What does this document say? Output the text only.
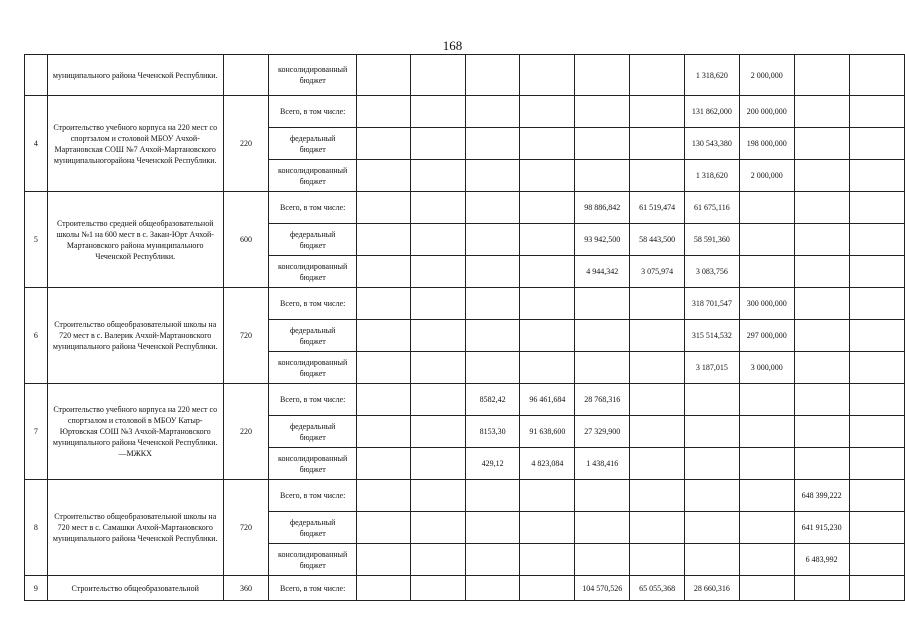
168
	муниципального района Чеченской Республики.		консолидированный
бюджет							1 318,620	2 000,000		
4	Строительство учебного корпуса на 220 мест со спортзалом и столовой МБОУ Ачхой-Мартановская СОШ №7 Ачхой-Мартановского муниципальногорайона Чеченской Республики.	220	Всего, в том числе:							131 862,000	200 000,000		

			федеральный
бюджет							130 543,380	198 000,000		

			консолидированный
бюджет							1 318,620	2 000,000		
5	Строительство средней общеобразовательной школы №1 на 600 мест в с. Закан-Юрт Ачхой-Мартановского района муниципального Чеченской Республики.	600	Всего, в том числе:					98 886,842	61 519,474	61 675,116			

			федеральный
бюджет					93 942,500	58 443,500	58 591,360			

			консолидированный
бюджет					4 944,342	3 075,974	3 083,756			
6	Строительство общеобразовательной школы на 720 мест в с. Валерик Ачхой-Мартановского муниципального района Чеченской Республики.	720	Всего, в том числе:							318 701,547	300 000,000		

			федеральный
бюджет							315 514,532	297 000,000		

			консолидированный
бюджет							3 187,015	3 000,000		
7	Строительство учебного корпуса на 220 мест со спортзалом и столовой в МБОУ Катыр-Юртовская СОШ №3 Ачхой-Мартановского муниципального района Чеченской Республики.—МЖКХ	220	Всего, в том числе:			8582,42	96 461,684	28 768,316					

			федеральный
бюджет			8153,30	91 638,600	27 329,900					

			консолидированный
бюджет			429,12	4 823,084	1 438,416					
8	Строительство общеобразовательной школы на 720 мест в с. Самашки Ачхой-Мартановского муниципального района Чеченской Республики.	720	Всего, в том числе:									648 399,222	

			федеральный
бюджет									641 915,230	

			консолидированный
бюджет									6 483,992	
9	Строительство общеобразовательной	360	Всего, в том числе:					104 570,526	65 055,368	28 660,316			
